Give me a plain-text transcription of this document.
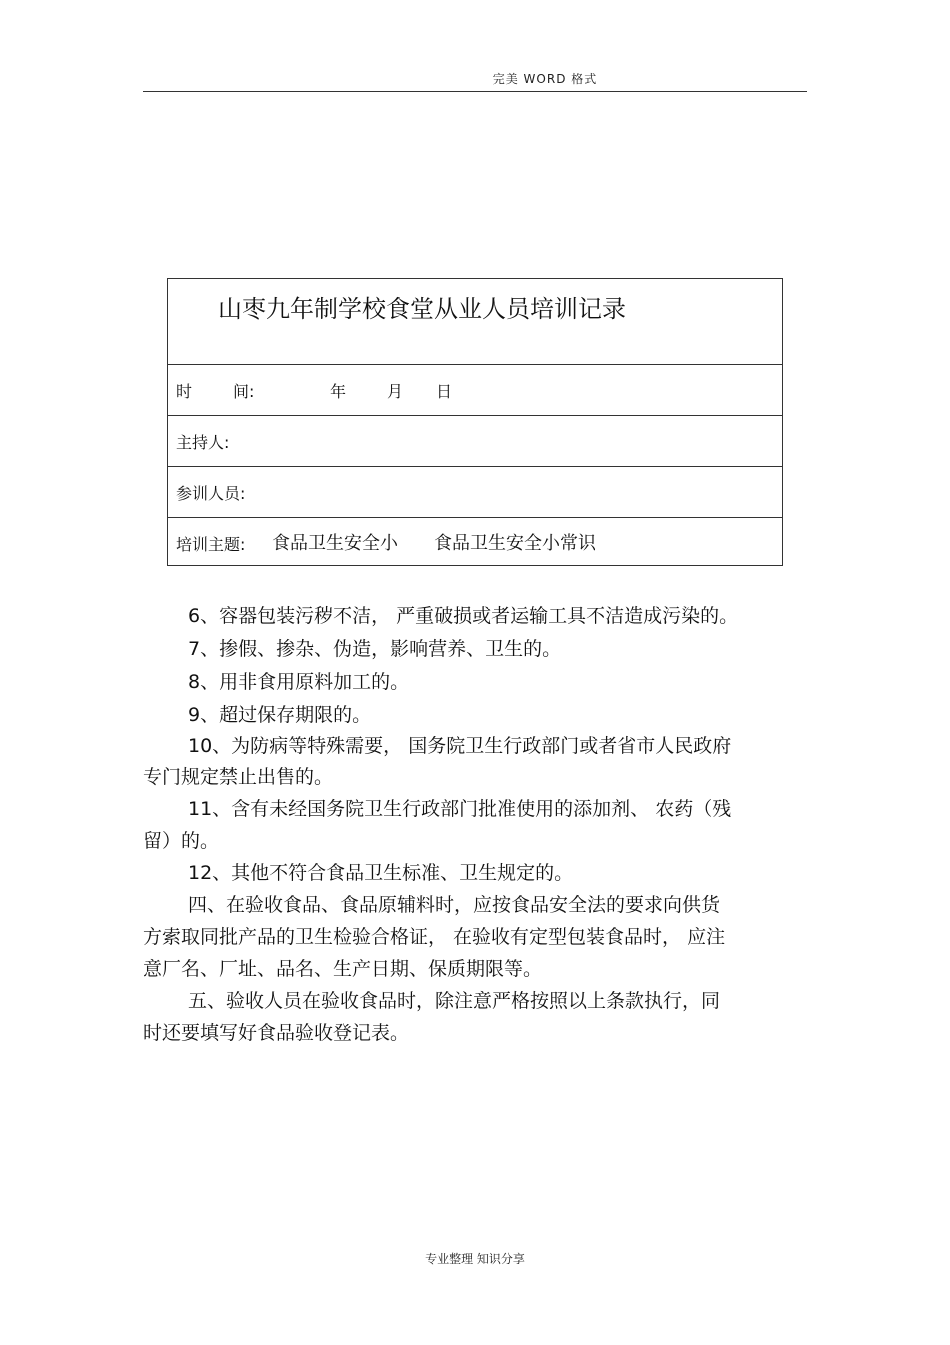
完美 WORD 格式
山枣九年制学校食堂从业人员培训记录
时	间:	年	月 日
主持人:
参训人员:
培训主题: 食品卫生安全小 食品卫生安全小常识
6、容器包装污秽不洁， 严重破损或者运输工具不洁造成污染的。
7、掺假、掺杂、伪造，影响营养、卫生的。
8、用非食用原料加工的。
9、超过保存期限的。
10、为防病等特殊需要， 国务院卫生行政部门或者省市人民政府
专门规定禁止出售的。
11、含有未经国务院卫生行政部门批准使用的添加剂、 农药（残
留）的。
12、其他不符合食品卫生标准、卫生规定的。
四、在验收食品、食品原辅料时，应按食品安全法的要求向供货
方索取同批产品的卫生检验合格证， 在验收有定型包装食品时， 应注
意厂名、厂址、品名、生产日期、保质期限等。
五、验收人员在验收食品时，除注意严格按照以上条款执行，同
时还要填写好食品验收登记表。
专业整理 知识分享
